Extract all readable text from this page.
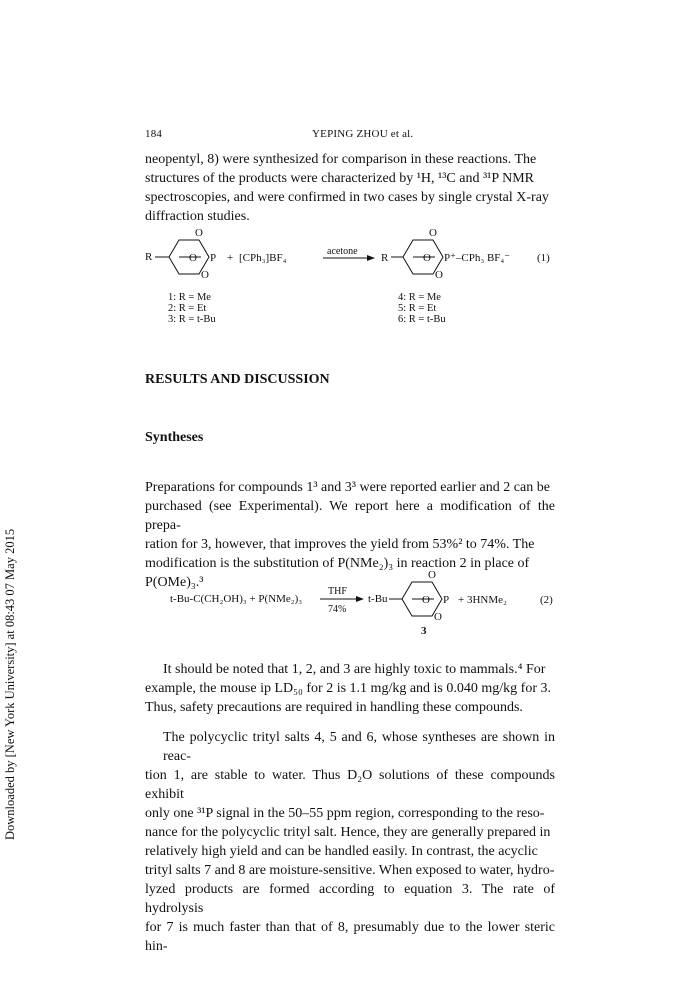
184	YEPING ZHOU et al.
Downloaded by [New York University] at 08:43 07 May 2015
neopentyl, 8) were synthesized for comparison in these reactions. The
structures of the products were characterized by ¹H, ¹³C and ³¹P NMR
spectroscopies, and were confirmed in two cases by single crystal X-ray
diffraction studies.
R
O
O
O P + [CPh₃]BF₄
acetone
R
O
O
O P⁺–CPh₃ BF₄⁻ (1)
1: R = Me
2: R = Et
3: R = t-Bu
4: R = Me
5: R = Et
6: R = t-Bu
RESULTS AND DISCUSSION
Syntheses
Preparations for compounds 1³ and 3³ were reported earlier and 2 can be
purchased (see Experimental). We report here a modification of the prepa-
ration for 3, however, that improves the yield from 53%² to 74%. The
modification is the substitution of P(NMe₂)₃ in reaction 2 in place of
P(OMe)₃.³
t-Bu-C(CH₂OH)₃ + P(NMe₂)₃
THF
74%
t-Bu
O
O
O P + 3HNMe₂	(2)
3
It should be noted that 1, 2, and 3 are highly toxic to mammals.⁴ For
example, the mouse ip LD₅₀ for 2 is 1.1 mg/kg and is 0.040 mg/kg for 3.
Thus, safety precautions are required in handling these compounds.
The polycyclic trityl salts 4, 5 and 6, whose syntheses are shown in reac-
tion 1, are stable to water. Thus D₂O solutions of these compounds exhibit
only one ³¹P signal in the 50–55 ppm region, corresponding to the reso-
nance for the polycyclic trityl salt. Hence, they are generally prepared in
relatively high yield and can be handled easily. In contrast, the acyclic
trityl salts 7 and 8 are moisture-sensitive. When exposed to water, hydro-
lyzed products are formed according to equation 3. The rate of hydrolysis
for 7 is much faster than that of 8, presumably due to the lower steric hin-
